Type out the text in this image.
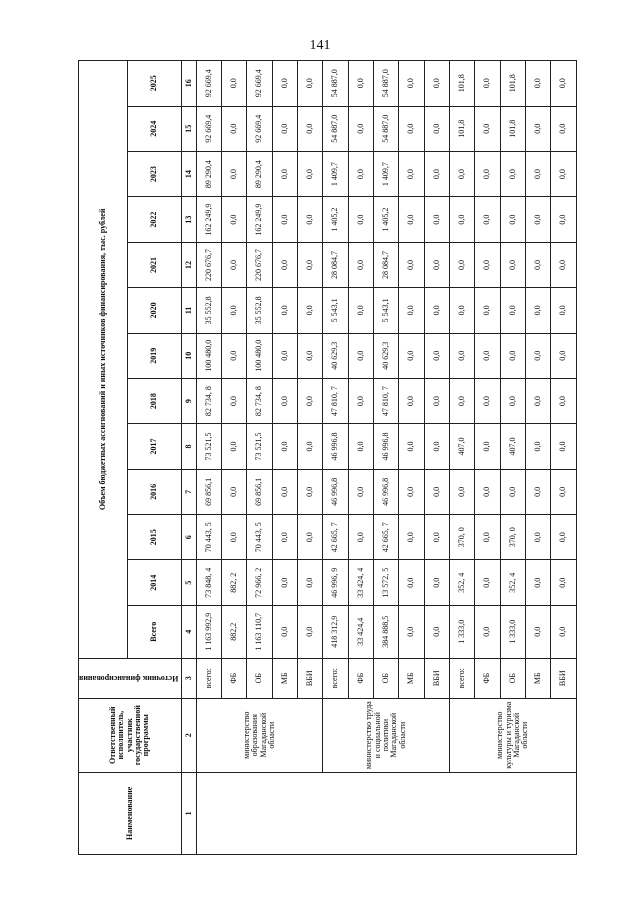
141
Наименование	Ответственный исполнитель, участник государственной программы	Источник финансирования	Объем бюджетных ассигнований и иных источников финансирования, тыс. рублей												
			Всего	2014	2015	2016	2017	2018	2019	2020	2021	2022	2023	2024	2025
1	2	3	4	5	6	7	8	9	10	11	12	13	14	15	16
	министерство образования Магаданской области	всего:	1 163 992,9	73 848, 4	70 443, 5	69 856,1	73 521,5	82 734, 8	100 480,0	35 552,8	220 676,7	162 249,9	89 290,4	92 669,4	92 669,4
		ФБ	882,2	882, 2	0,0	0,0	0,0	0,0	0,0	0,0	0,0	0,0	0,0	0,0	0,0
		ОБ	1 163 110,7	72 966, 2	70 443, 5	69 856,1	73 521,5	82 734, 8	100 480,0	35 552,8	220 676,7	162 249,9	89 290,4	92 669,4	92 669,4
		МБ	0,0	0,0	0,0	0,0	0,0	0,0	0,0	0,0	0,0	0,0	0,0	0,0	0,0
		ВБИ	0,0	0,0	0,0	0,0	0,0	0,0	0,0	0,0	0,0	0,0	0,0	0,0	0,0
	министерство труда и социальной политики Магаданской области	всего:	418 312,9	46 996, 9	42 665, 7	46 996,8	46 996,8	47 810, 7	40 629,3	5 543,1	28 084,7	1 405,2	1 409,7	54 887,0	54 887,0
		ФБ	33 424,4	33 424, 4	0,0	0,0	0,0	0,0	0,0	0,0	0,0	0,0	0,0	0,0	0,0
		ОБ	384 888,5	13 572, 5	42 665, 7	46 996,8	46 996,8	47 810, 7	40 629,3	5 543,1	28 084,7	1 405,2	1 409,7	54 887,0	54 887,0
		МБ	0,0	0,0	0,0	0,0	0,0	0,0	0,0	0,0	0,0	0,0	0,0	0,0	0,0
		ВБИ	0,0	0,0	0,0	0,0	0,0	0,0	0,0	0,0	0,0	0,0	0,0	0,0	0,0
	министерство культуры и туризма Магаданской области	всего:	1 333,0	352, 4	370, 0	0,0	407,0	0,0	0,0	0,0	0,0	0,0	0,0	101,8	101,8
		ФБ	0,0	0,0	0,0	0,0	0,0	0,0	0,0	0,0	0,0	0,0	0,0	0,0	0,0
		ОБ	1 333,0	352, 4	370, 0	0,0	407,0	0,0	0,0	0,0	0,0	0,0	0,0	101,8	101,8
		МБ	0,0	0,0	0,0	0,0	0,0	0,0	0,0	0,0	0,0	0,0	0,0	0,0	0,0
		ВБИ	0,0	0,0	0,0	0,0	0,0	0,0	0,0	0,0	0,0	0,0	0,0	0,0	0,0
